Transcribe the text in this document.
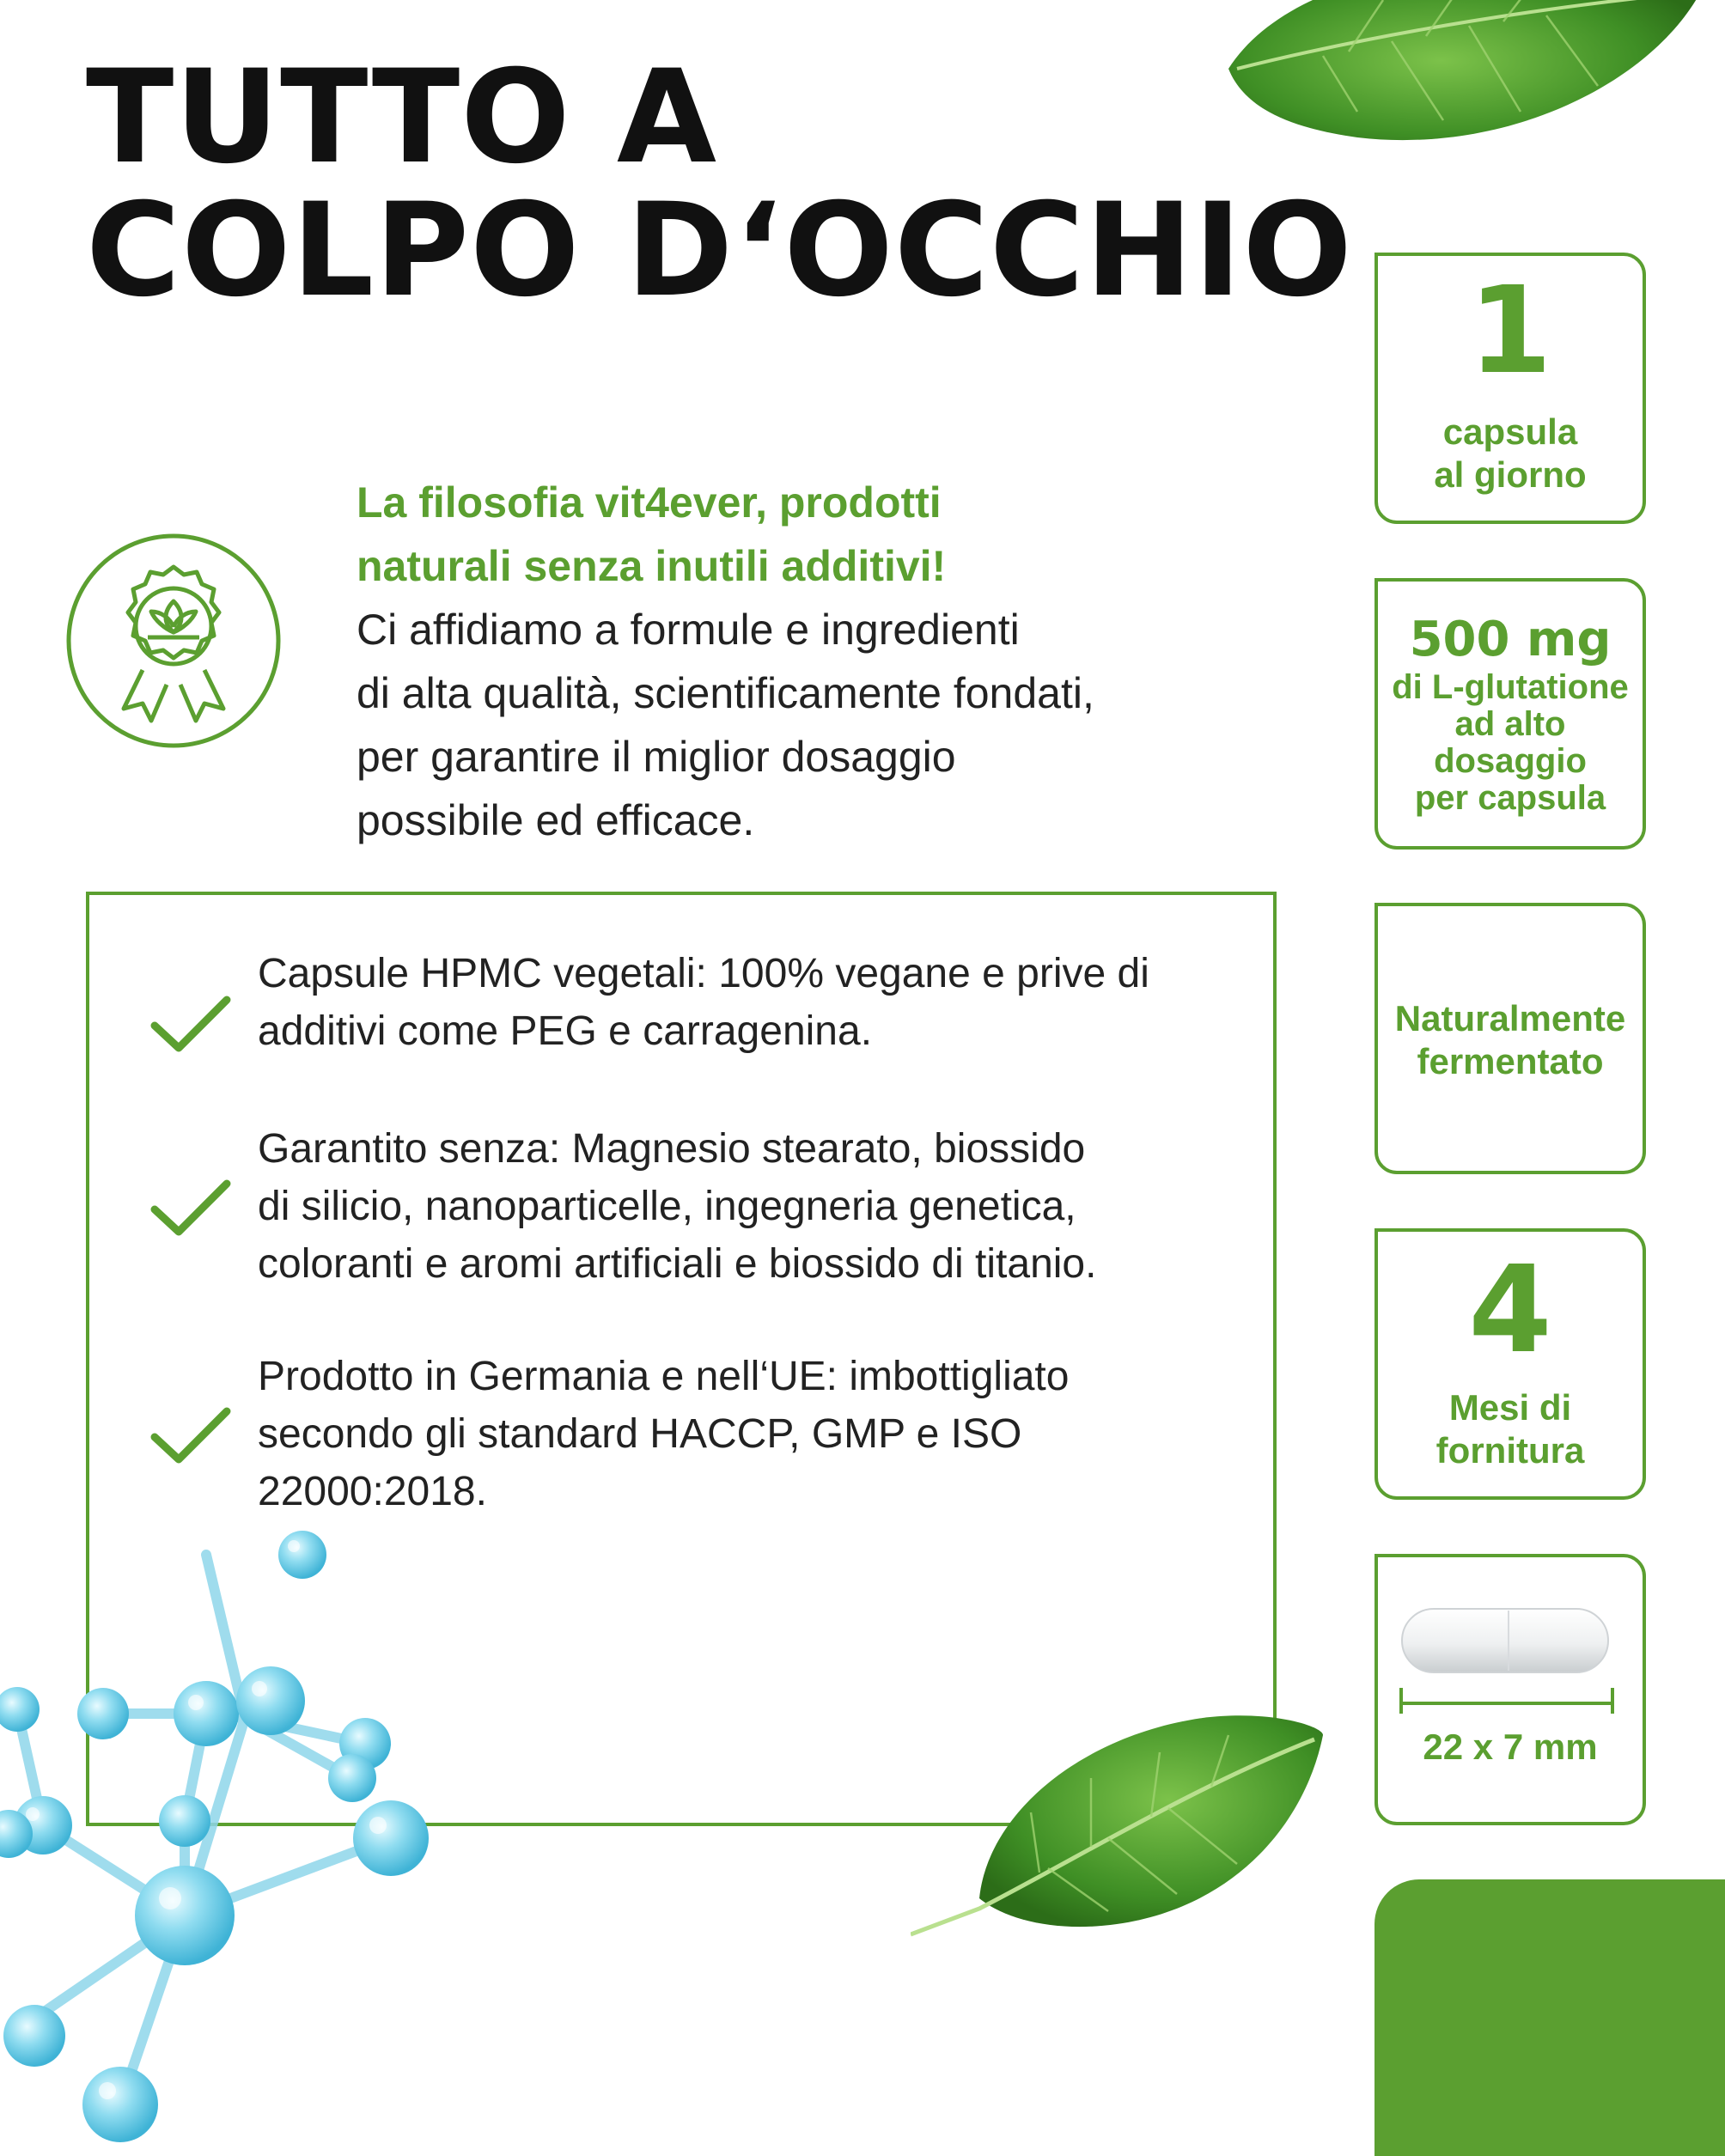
TUTTO A
COLPO D‘OCCHIO

La filosofia vit4ever, prodotti
naturali senza inutili additivi!

Ci affidiamo a formule e ingredienti
di alta qualità, scientificamente fondati,
per garantire il miglior dosaggio
possibile ed efficace.

Capsule HPMC vegetali: 100% vegane e prive di
additivi come PEG e carragenina.

Garantito senza: Magnesio stearato, biossido
di silicio, nanoparticelle, ingegneria genetica,
coloranti e aromi artificiali e biossido di titanio.

Prodotto in Germania e nell‘UE: imbottigliato
secondo gli standard HACCP, GMP e ISO
22000:2018.

1
capsula
al giorno
500 mg
di L-glutatione
ad alto
dosaggio
per capsula
Naturalmente
fermentato
4
Mesi di
fornitura
22 x 7 mm
